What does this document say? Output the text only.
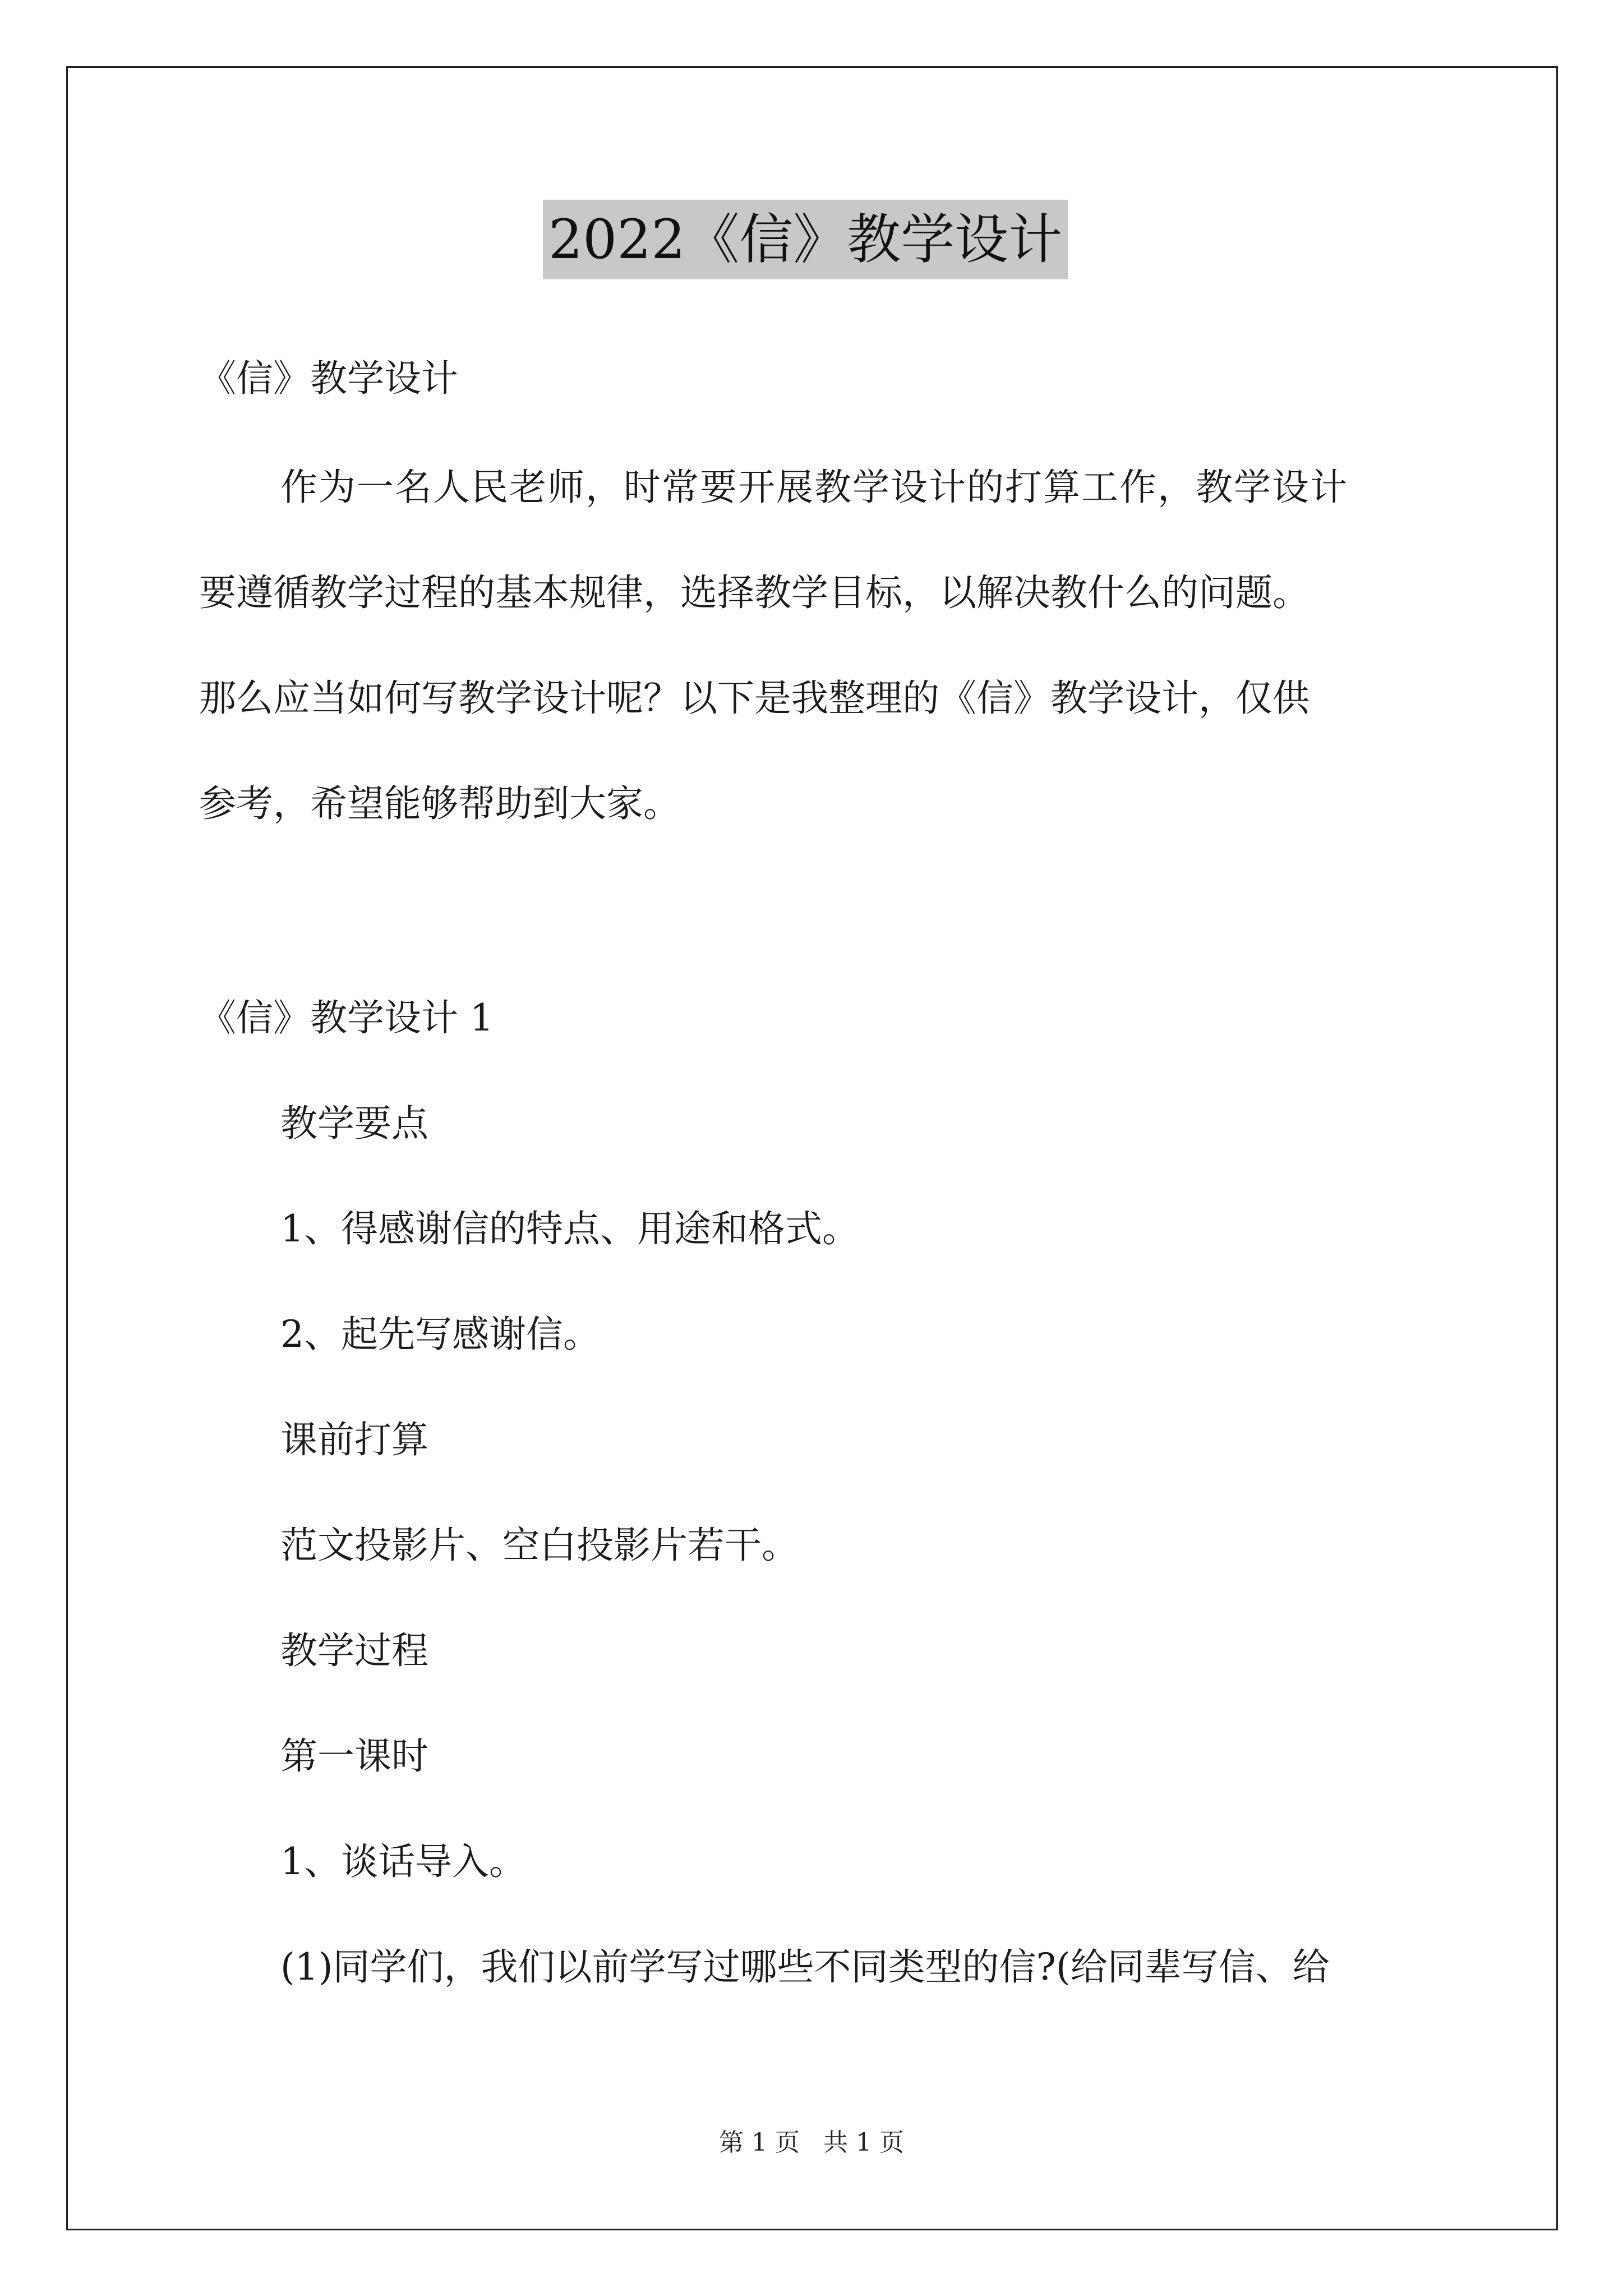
2022《信》教学设计
《信》教学设计
作为一名人民老师，时常要开展教学设计的打算工作，教学设计
要遵循教学过程的基本规律，选择教学目标，以解决教什么的问题。
那么应当如何写教学设计呢？以下是我整理的《信》教学设计，仅供
参考，希望能够帮助到大家。
《信》教学设计 1
教学要点
1、得感谢信的特点、用途和格式。
2、起先写感谢信。
课前打算
范文投影片、空白投影片若干。
教学过程
第一课时
1、谈话导入。
(1)同学们，我们以前学写过哪些不同类型的信?(给同辈写信、给
第 1 页   共 1 页
